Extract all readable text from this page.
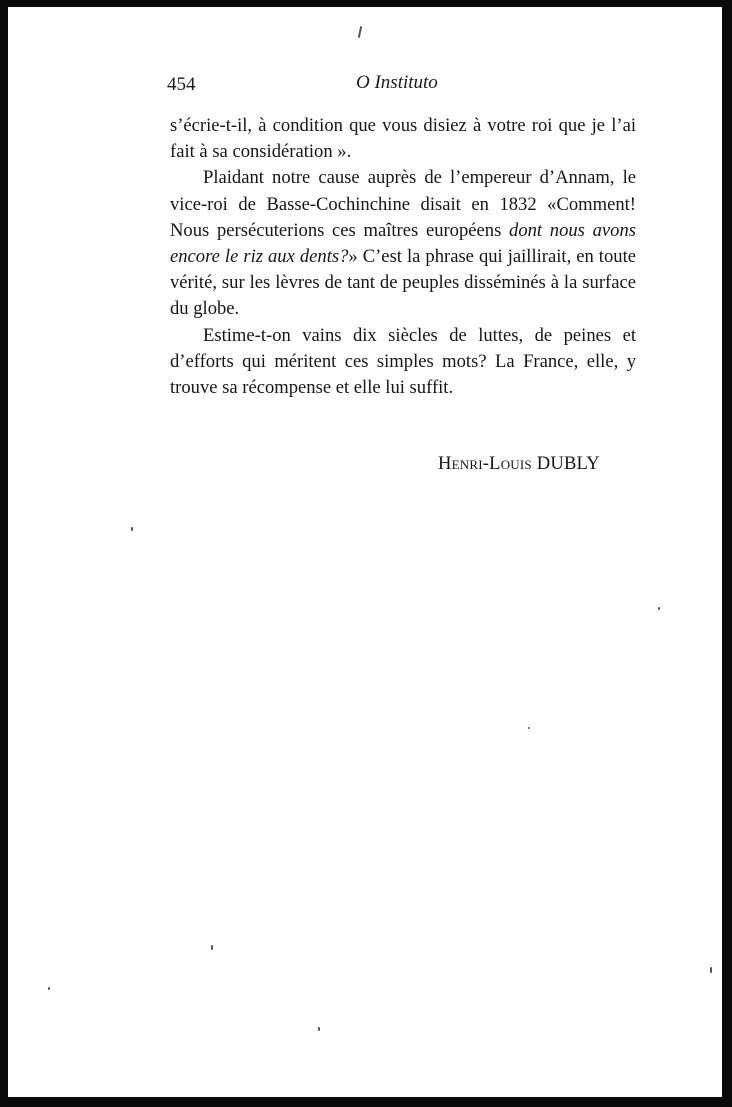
454	O Instituto

s’écrie-t-il, à condition que vous disiez à votre roi que je l’ai fait à sa considération ».

Plaidant notre cause auprès de l’empereur d’Annam, le vice-roi de Basse-Cochinchine disait en 1832 «Comment! Nous persécuterions ces maîtres européens dont nous avons encore le riz aux dents?» C’est la phrase qui jaillirait, en toute vérité, sur les lèvres de tant de peuples disséminés à la surface du globe.

Estime-t-on vains dix siècles de luttes, de peines et d’efforts qui méritent ces simples mots? La France, elle, y trouve sa récompense et elle lui suffit.

Henri-Louis DUBLY
